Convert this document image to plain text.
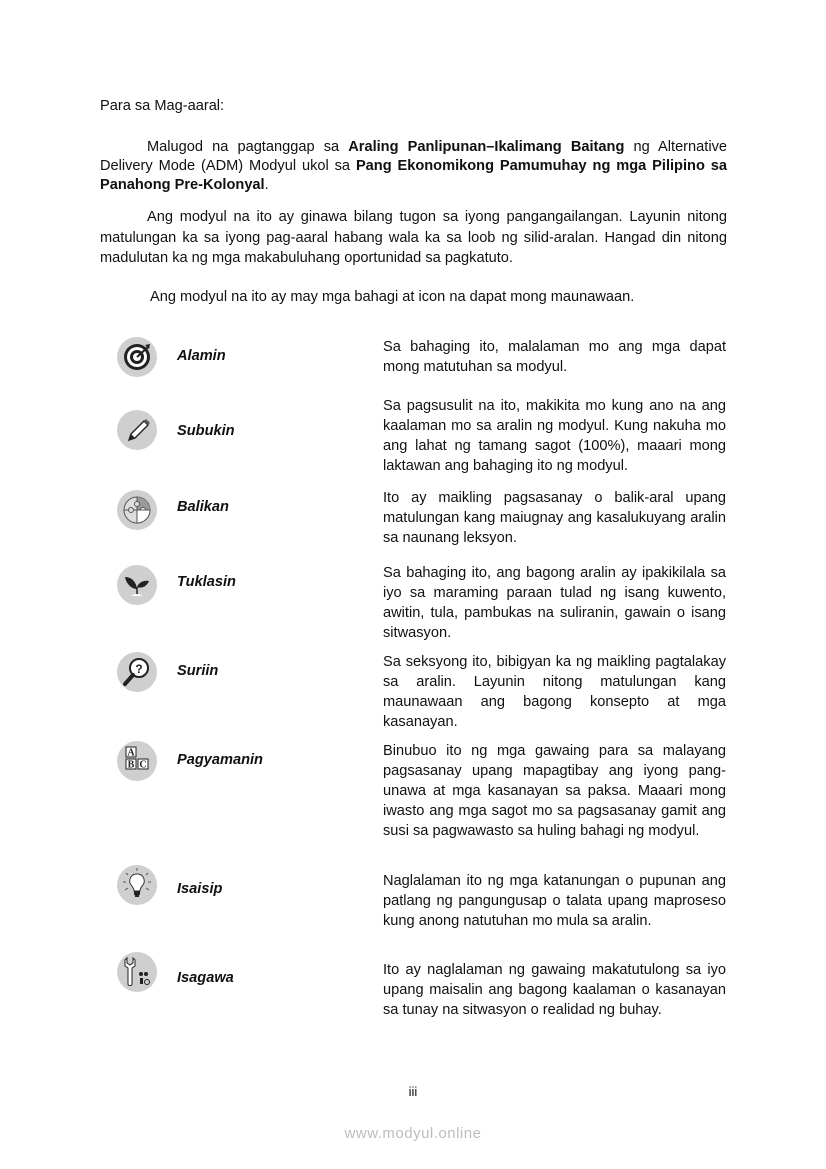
Para sa Mag-aaral:
Malugod na pagtanggap sa Araling Panlipunan–Ikalimang Baitang ng Alternative Delivery Mode (ADM) Modyul ukol sa Pang Ekonomikong Pamumuhay ng mga Pilipino sa Panahong Pre-Kolonyal.
Ang modyul na ito ay ginawa bilang tugon sa iyong pangangailangan. Layunin nitong matulungan ka sa iyong pag-aaral habang wala ka sa loob ng silid-aralan. Hangad din nitong madulutan ka ng mga makabuluhang oportunidad sa pagkatuto.
Ang modyul na ito ay may mga bahagi at icon na dapat mong maunawaan.
Alamin
Sa bahaging ito, malalaman mo ang mga dapat mong matutuhan sa modyul.
Subukin
Sa pagsusulit na ito, makikita mo kung ano na ang kaalaman mo sa aralin ng modyul. Kung nakuha mo ang lahat ng tamang sagot (100%), maaari mong laktawan ang bahaging ito ng modyul.
Balikan
Ito ay maikling pagsasanay o balik-aral upang matulungan kang maiugnay ang kasalukuyang aralin sa naunang leksyon.
Tuklasin
Sa bahaging ito, ang bagong aralin ay ipakikilala sa iyo sa maraming paraan tulad ng isang kuwento, awitin, tula, pambukas na suliranin, gawain o isang sitwasyon.
? Suriin
Sa seksyong ito, bibigyan ka ng maikling pagtalakay sa aralin. Layunin nitong matulungan kang maunawaan ang bagong konsepto at mga kasanayan.
A
B C Pagyamanin
Binubuo ito ng mga gawaing para sa malayang pagsasanay upang mapagtibay ang iyong pang-unawa at mga kasanayan sa paksa. Maaari mong iwasto ang mga sagot mo sa pagsasanay gamit ang susi sa pagwawasto sa huling bahagi ng modyul.
Isaisip	Naglalaman ito ng mga katanungan o pupunan ang patlang ng pangungusap o talata upang maproseso kung anong natutuhan mo mula sa aralin.
Isagawa	Ito ay naglalaman ng gawaing makatutulong sa iyo upang maisalin ang bagong kaalaman o kasanayan sa tunay na sitwasyon o realidad ng buhay.
iii
www.modyul.online
